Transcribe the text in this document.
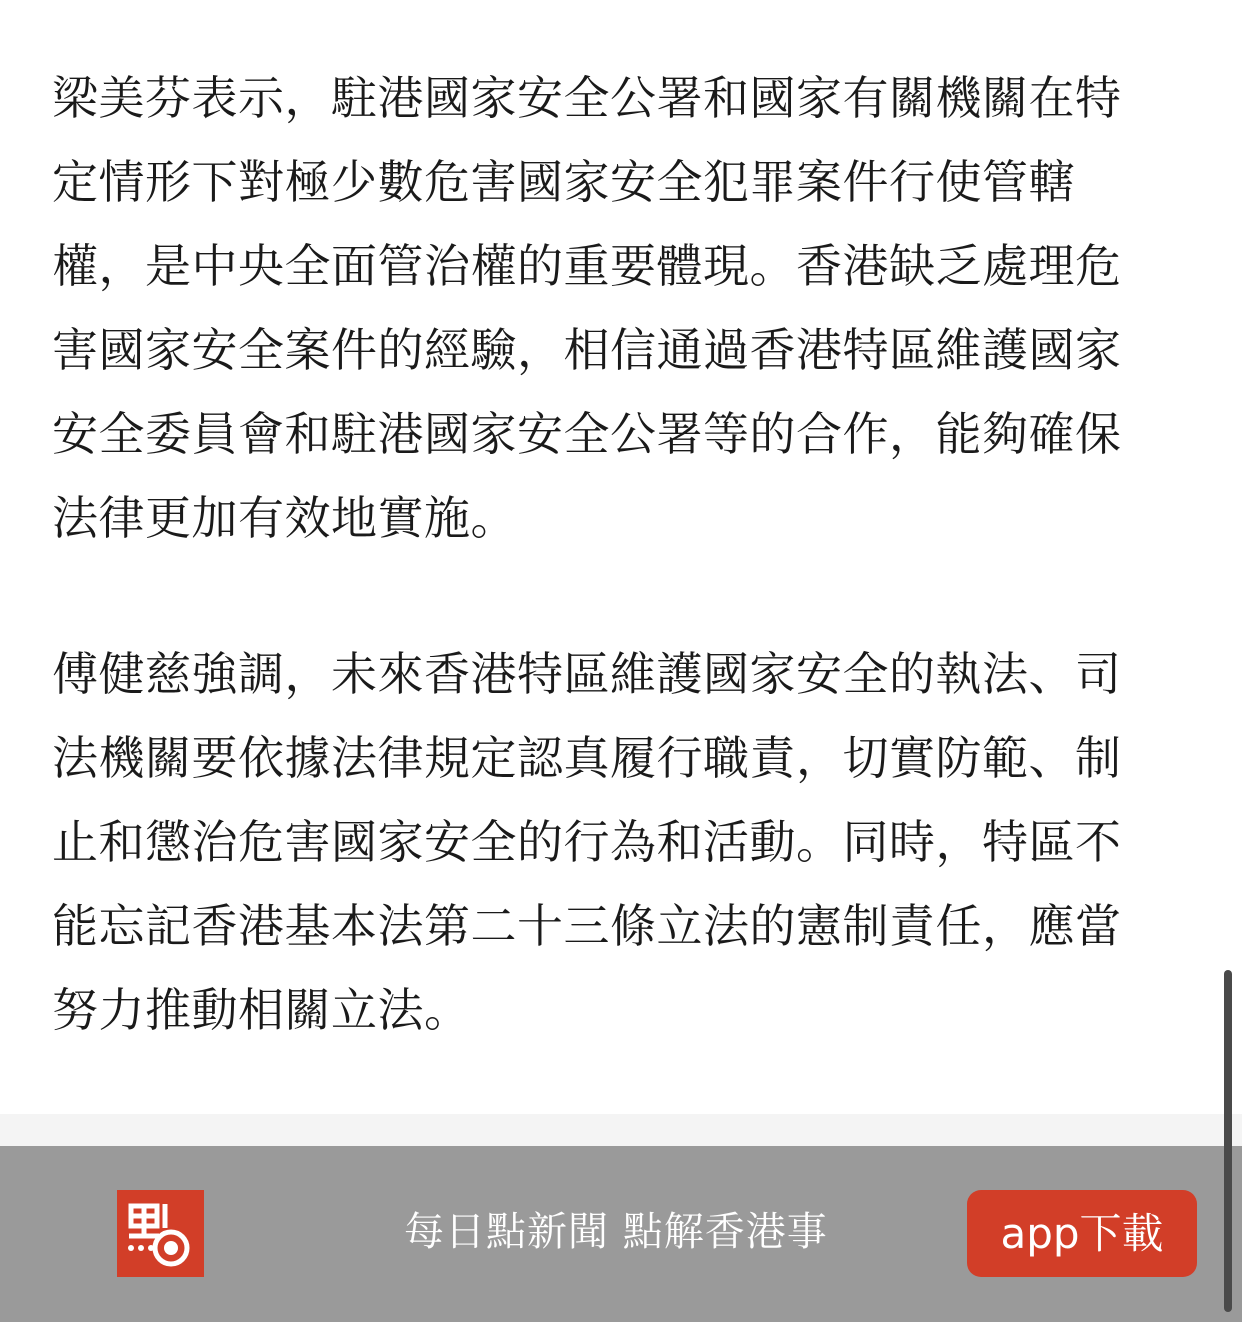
梁美芬表示，駐港國家安全公署和國家有關機關在特定情形下對極少數危害國家安全犯罪案件行使管轄權，是中央全面管治權的重要體現。香港缺乏處理危害國家安全案件的經驗，相信通過香港特區維護國家安全委員會和駐港國家安全公署等的合作，能夠確保法律更加有效地實施。

傅健慈強調，未來香港特區維護國家安全的執法、司法機關要依據法律規定認真履行職責，切實防範、制止和懲治危害國家安全的行為和活動。同時，特區不能忘記香港基本法第二十三條立法的憲制責任，應當努力推動相關立法。

每日點新聞 點解香港事	app下載
